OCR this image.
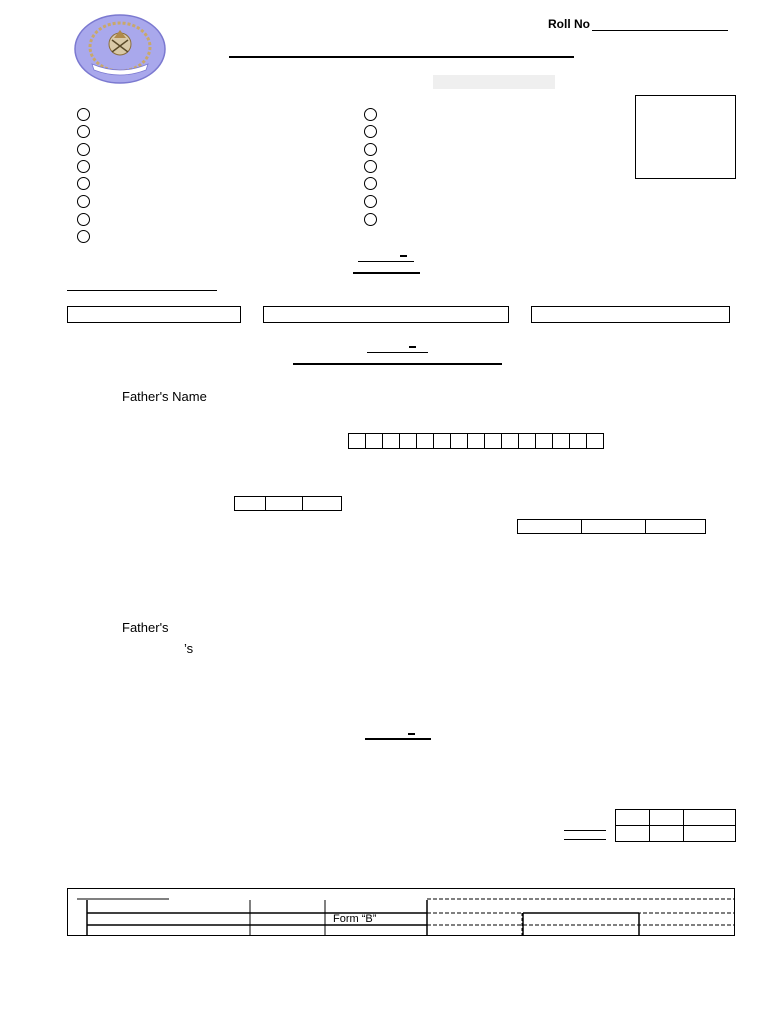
Roll No
Father's Name
Father's
’s
Form “B”
